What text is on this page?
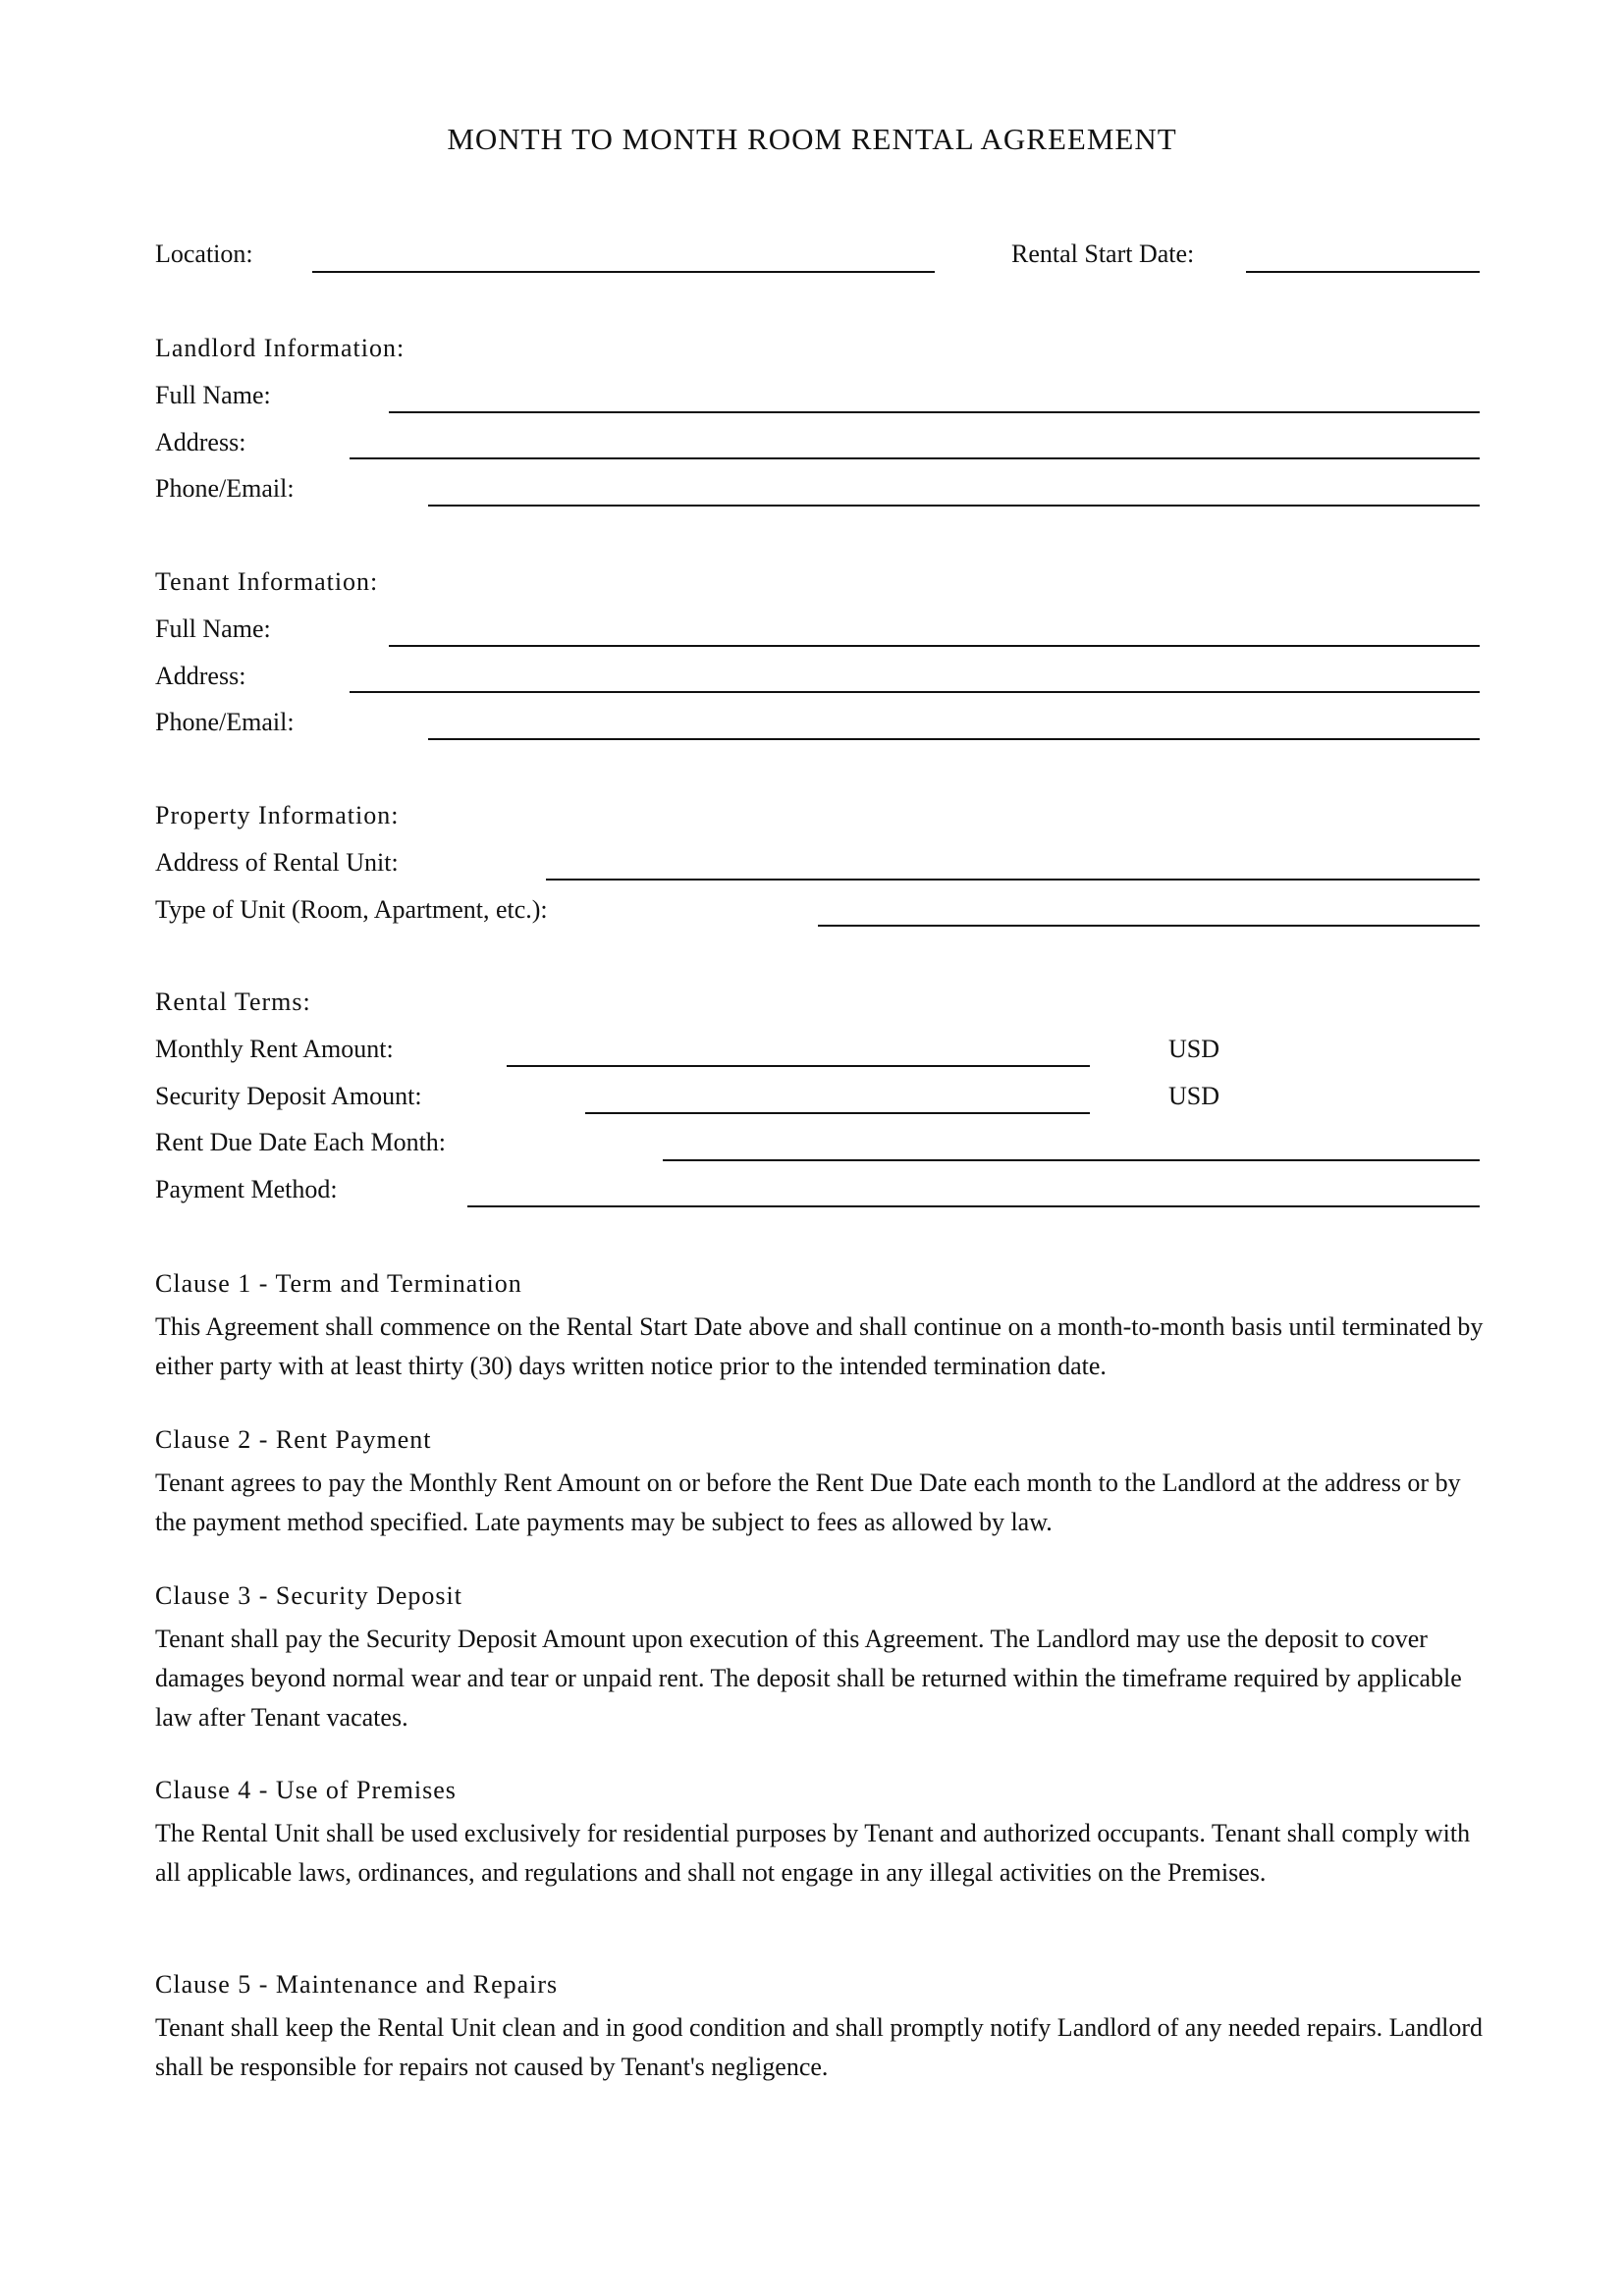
MONTH TO MONTH ROOM RENTAL AGREEMENT
Location:	Rental Start Date:
Landlord Information:
Full Name:
Address:
Phone/Email:
Tenant Information:
Full Name:
Address:
Phone/Email:
Property Information:
Address of Rental Unit:
Type of Unit (Room, Apartment, etc.):
Rental Terms:
Monthly Rent Amount:	USD
Security Deposit Amount:	USD
Rent Due Date Each Month:
Payment Method:
Clause 1 - Term and Termination
This Agreement shall commence on the Rental Start Date above and shall continue on a month-to-month basis until terminated by either party with at least thirty (30) days written notice prior to the intended termination date.
Clause 2 - Rent Payment
Tenant agrees to pay the Monthly Rent Amount on or before the Rent Due Date each month to the Landlord at the address or by the payment method specified. Late payments may be subject to fees as allowed by law.
Clause 3 - Security Deposit
Tenant shall pay the Security Deposit Amount upon execution of this Agreement. The Landlord may use the deposit to cover damages beyond normal wear and tear or unpaid rent. The deposit shall be returned within the timeframe required by applicable law after Tenant vacates.
Clause 4 - Use of Premises
The Rental Unit shall be used exclusively for residential purposes by Tenant and authorized occupants. Tenant shall comply with all applicable laws, ordinances, and regulations and shall not engage in any illegal activities on the Premises.
Clause 5 - Maintenance and Repairs
Tenant shall keep the Rental Unit clean and in good condition and shall promptly notify Landlord of any needed repairs. Landlord shall be responsible for repairs not caused by Tenant's negligence.
